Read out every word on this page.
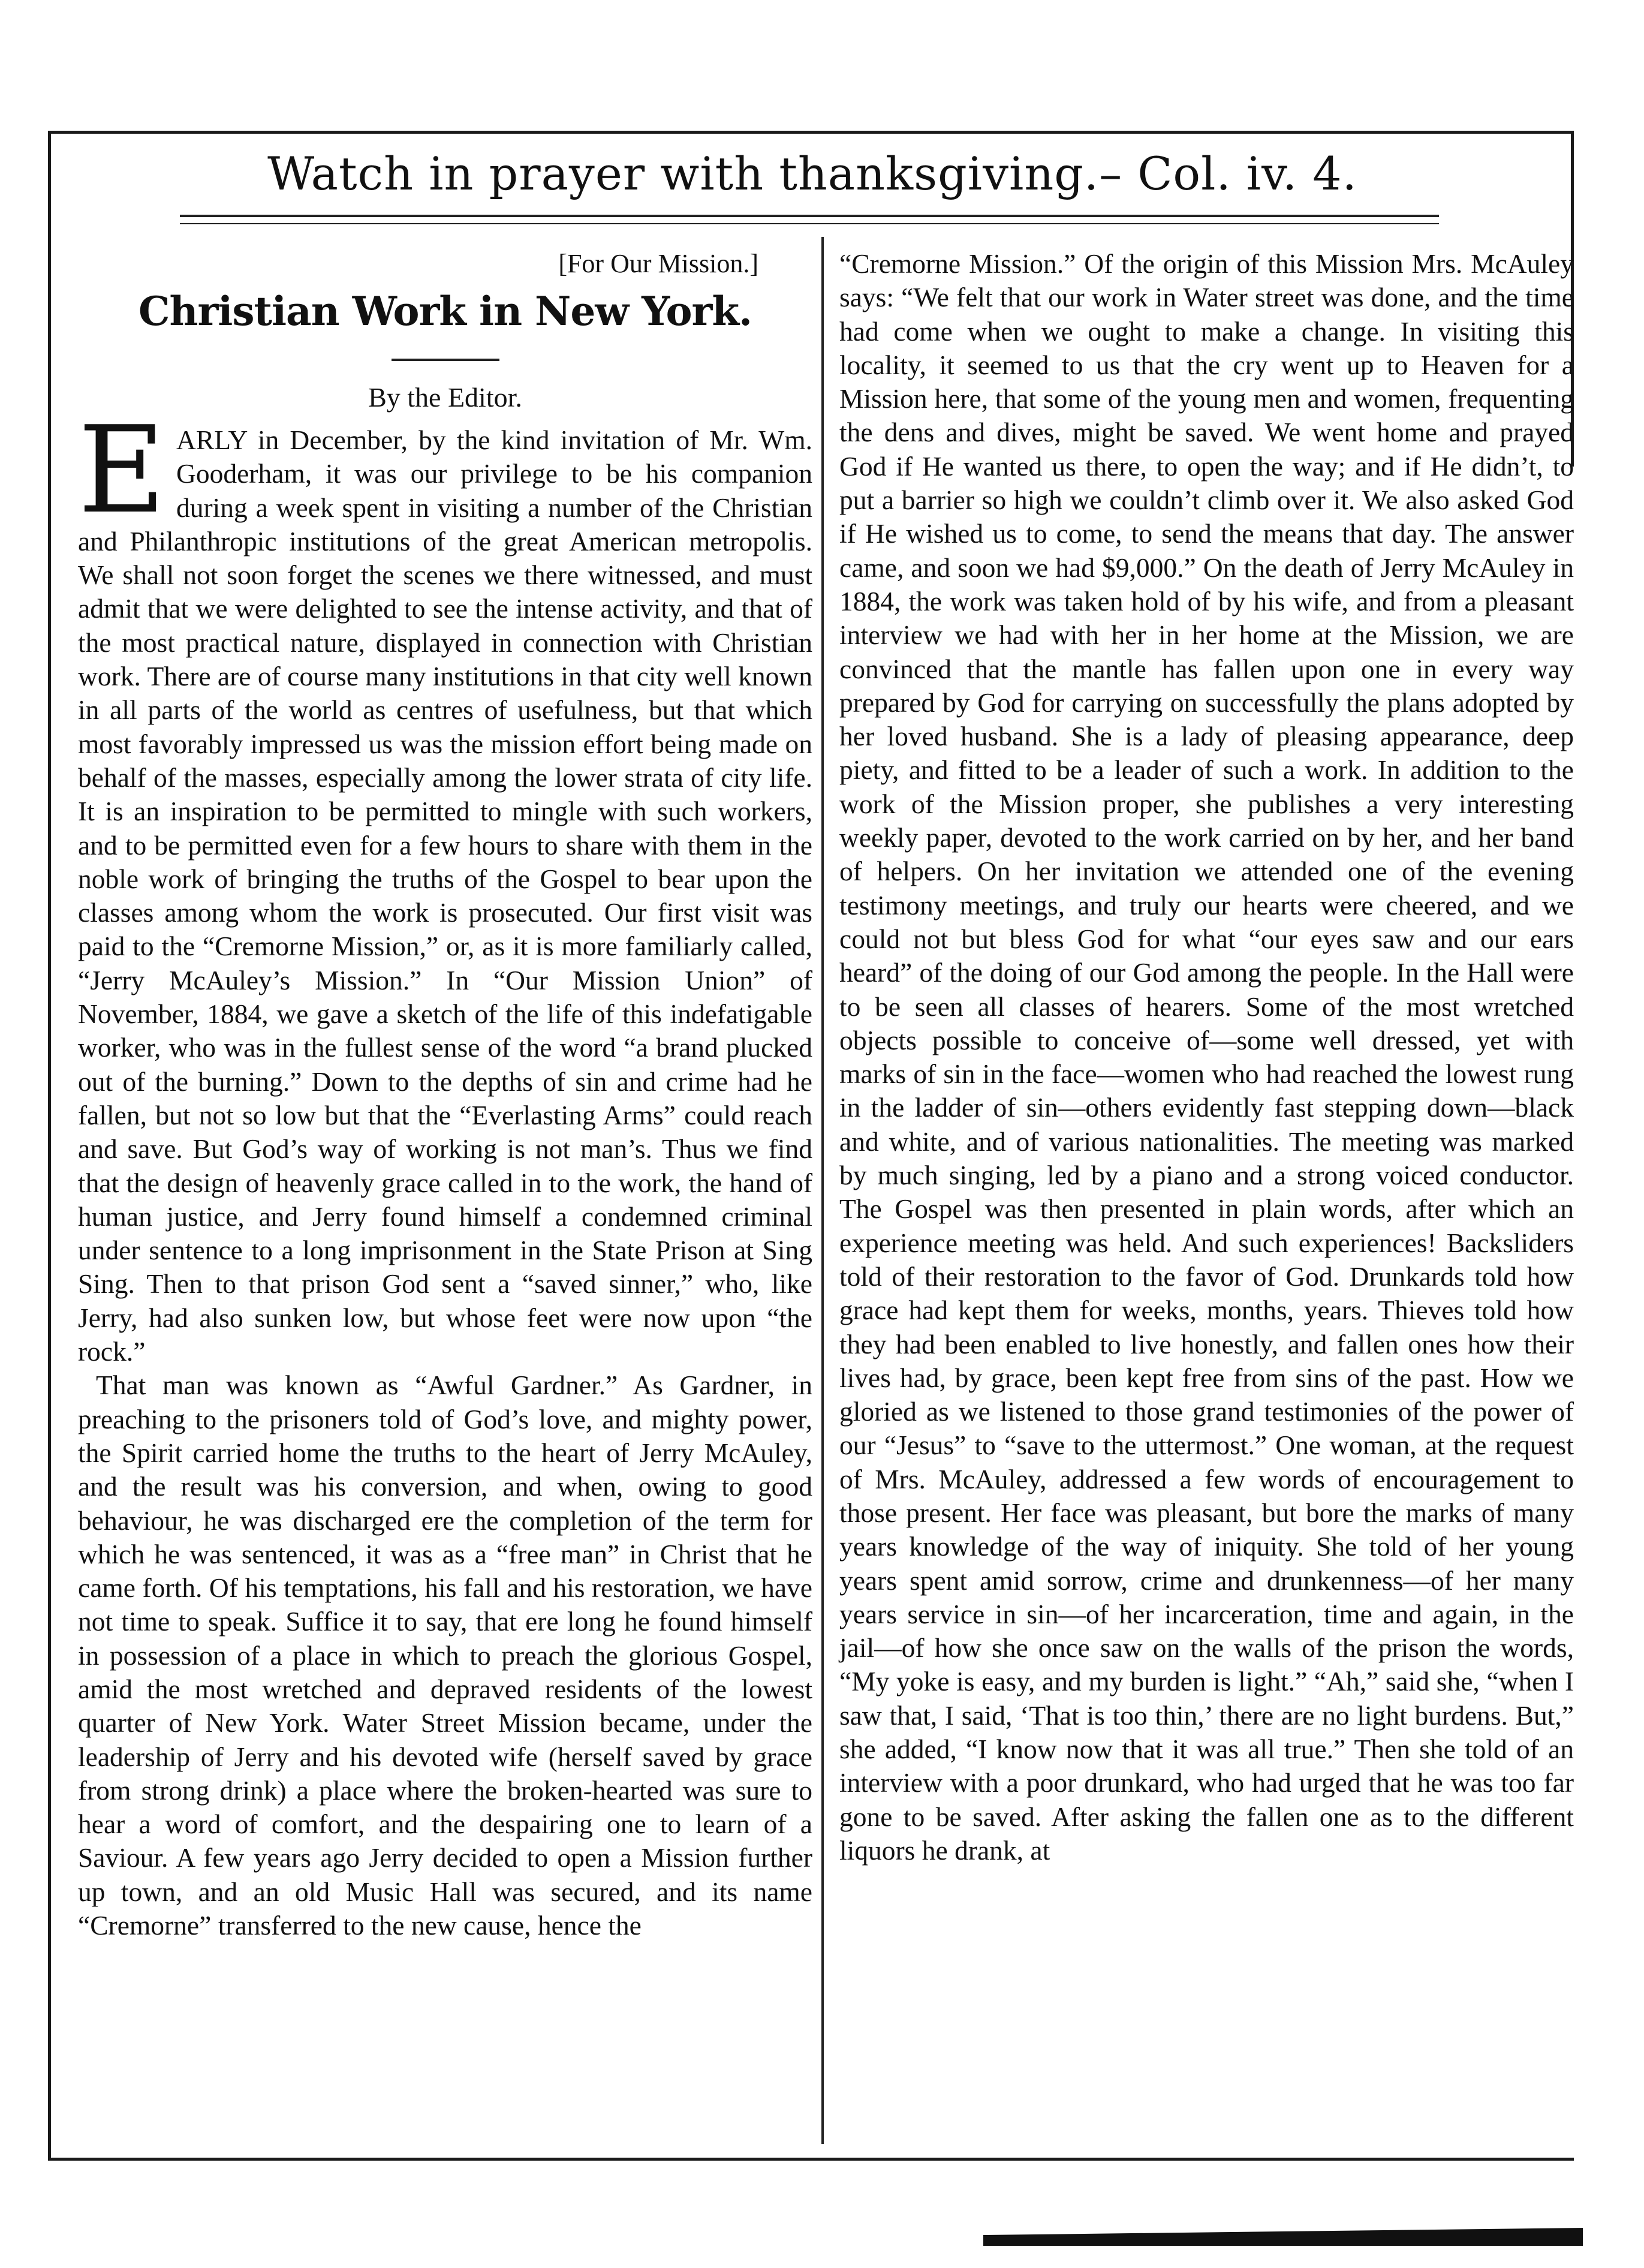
Watch in prayer with thanksgiving.– Col. iv. 4.
[For Our Mission.]
Christian Work in New York.
By the Editor.

EARLY in December, by the kind invitation of Mr. Wm. Gooderham, it was our privilege to be his companion during a week spent in visiting a number of the Christian and Philanthropic institutions of the great American metropolis. We shall not soon forget the scenes we there witnessed, and must admit that we were delighted to see the intense activity, and that of the most practical nature, displayed in connection with Christian work. There are of course many institutions in that city well known in all parts of the world as centres of usefulness, but that which most favorably impressed us was the mission effort being made on behalf of the masses, especially among the lower strata of city life. It is an inspiration to be permitted to mingle with such workers, and to be permitted even for a few hours to share with them in the noble work of bringing the truths of the Gospel to bear upon the classes among whom the work is prosecuted. Our first visit was paid to the “Cremorne Mission,” or, as it is more familiarly called, “Jerry McAuley’s Mission.” In “Our Mission Union” of November, 1884, we gave a sketch of the life of this indefatigable worker, who was in the fullest sense of the word “a brand plucked out of the burning.” Down to the depths of sin and crime had he fallen, but not so low but that the “Everlasting Arms” could reach and save. But God’s way of working is not man’s. Thus we find that the design of heavenly grace called in to the work, the hand of human justice, and Jerry found himself a condemned criminal under sentence to a long imprisonment in the State Prison at Sing Sing. Then to that prison God sent a “saved sinner,” who, like Jerry, had also sunken low, but whose feet were now upon “the rock.”

That man was known as “Awful Gardner.” As Gardner, in preaching to the prisoners told of God’s love, and mighty power, the Spirit carried home the truths to the heart of Jerry McAuley, and the result was his conversion, and when, owing to good behaviour, he was discharged ere the completion of the term for which he was sentenced, it was as a “free man” in Christ that he came forth. Of his temptations, his fall and his restoration, we have not time to speak. Suffice it to say, that ere long he found himself in possession of a place in which to preach the glorious Gospel, amid the most wretched and depraved residents of the lowest quarter of New York. Water Street Mission became, under the leadership of Jerry and his devoted wife (herself saved by grace from strong drink) a place where the broken-hearted was sure to hear a word of comfort, and the despairing one to learn of a Saviour. A few years ago Jerry decided to open a Mission further up town, and an old Music Hall was secured, and its name “Cremorne” transferred to the new cause, hence the

“Cremorne Mission.” Of the origin of this Mission Mrs. McAuley says: “We felt that our work in Water street was done, and the time had come when we ought to make a change. In visiting this locality, it seemed to us that the cry went up to Heaven for a Mission here, that some of the young men and women, frequenting the dens and dives, might be saved. We went home and prayed God if He wanted us there, to open the way; and if He didn’t, to put a barrier so high we couldn’t climb over it. We also asked God if He wished us to come, to send the means that day. The answer came, and soon we had $9,000.” On the death of Jerry McAuley in 1884, the work was taken hold of by his wife, and from a pleasant interview we had with her in her home at the Mission, we are convinced that the mantle has fallen upon one in every way prepared by God for carrying on successfully the plans adopted by her loved husband. She is a lady of pleasing appearance, deep piety, and fitted to be a leader of such a work. In addition to the work of the Mission proper, she publishes a very interesting weekly paper, devoted to the work carried on by her, and her band of helpers. On her invitation we attended one of the evening testimony meetings, and truly our hearts were cheered, and we could not but bless God for what “our eyes saw and our ears heard” of the doing of our God among the people. In the Hall were to be seen all classes of hearers. Some of the most wretched objects possible to conceive of—some well dressed, yet with marks of sin in the face—women who had reached the lowest rung in the ladder of sin—others evidently fast stepping down—black and white, and of various nationalities. The meeting was marked by much singing, led by a piano and a strong voiced conductor. The Gospel was then presented in plain words, after which an experience meeting was held. And such experiences! Backsliders told of their restoration to the favor of God. Drunkards told how grace had kept them for weeks, months, years. Thieves told how they had been enabled to live honestly, and fallen ones how their lives had, by grace, been kept free from sins of the past. How we gloried as we listened to those grand testimonies of the power of our “Jesus” to “save to the uttermost.” One woman, at the request of Mrs. McAuley, addressed a few words of encouragement to those present. Her face was pleasant, but bore the marks of many years knowledge of the way of iniquity. She told of her young years spent amid sorrow, crime and drunkenness—of her many years service in sin—of her incarceration, time and again, in the jail—of how she once saw on the walls of the prison the words, “My yoke is easy, and my burden is light.” “Ah,” said she, “when I saw that, I said, ‘That is too thin,’ there are no light burdens. But,” she added, “I know now that it was all true.” Then she told of an interview with a poor drunkard, who had urged that he was too far gone to be saved. After asking the fallen one as to the different liquors he drank, at
